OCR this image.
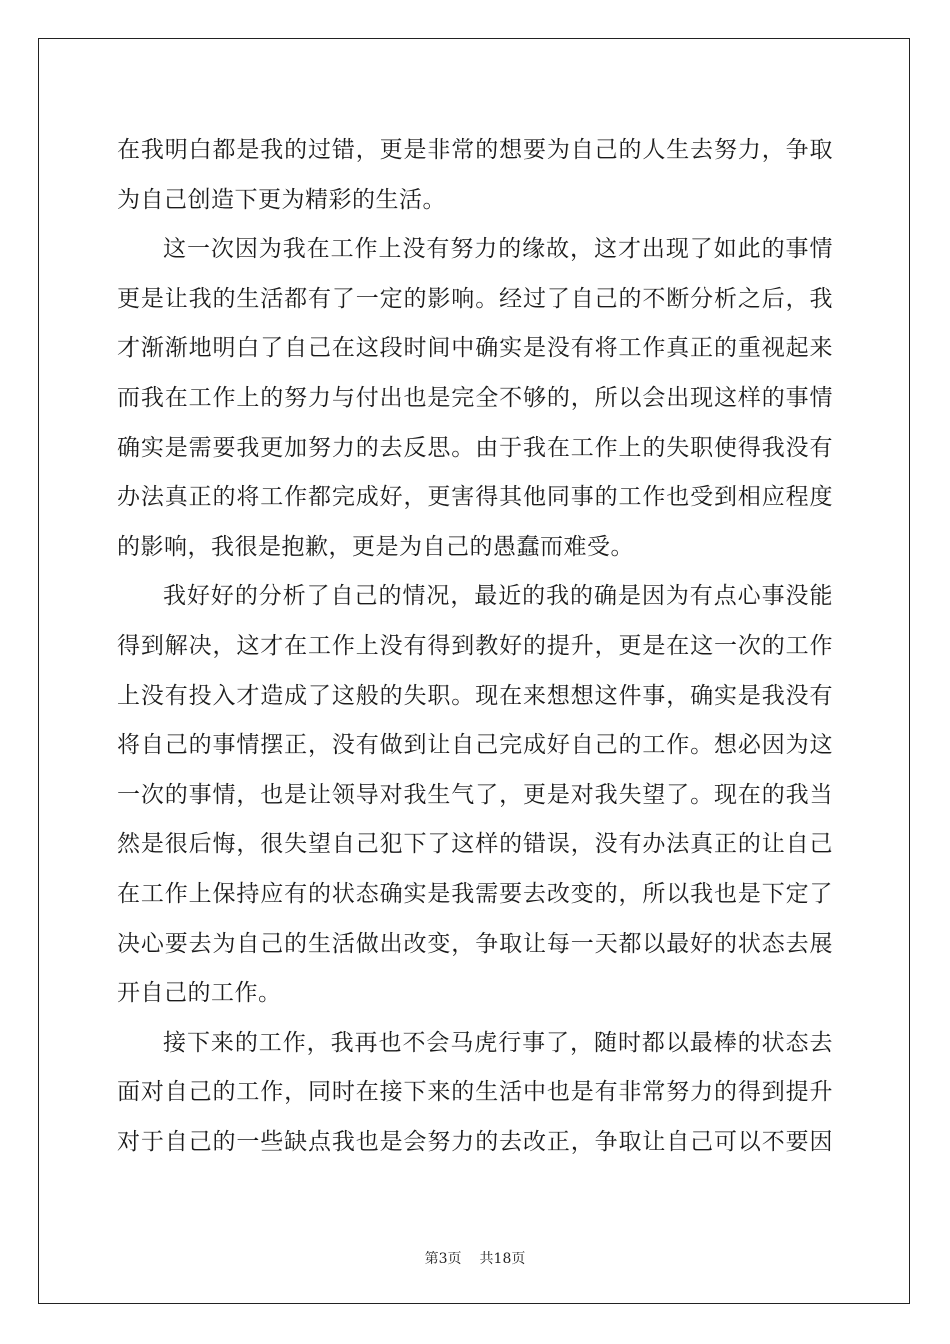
在我明白都是我的过错，更是非常的想要为自己的人生去努力，争取
为自己创造下更为精彩的生活。
这一次因为我在工作上没有努力的缘故，这才出现了如此的事情
更是让我的生活都有了一定的影响。经过了自己的不断分析之后，我
才渐渐地明白了自己在这段时间中确实是没有将工作真正的重视起来
而我在工作上的努力与付出也是完全不够的，所以会出现这样的事情
确实是需要我更加努力的去反思。由于我在工作上的失职使得我没有
办法真正的将工作都完成好，更害得其他同事的工作也受到相应程度
的影响，我很是抱歉，更是为自己的愚蠢而难受。
我好好的分析了自己的情况，最近的我的确是因为有点心事没能
得到解决，这才在工作上没有得到教好的提升，更是在这一次的工作
上没有投入才造成了这般的失职。现在来想想这件事，确实是我没有
将自己的事情摆正，没有做到让自己完成好自己的工作。想必因为这
一次的事情，也是让领导对我生气了，更是对我失望了。现在的我当
然是很后悔，很失望自己犯下了这样的错误，没有办法真正的让自己
在工作上保持应有的状态确实是我需要去改变的，所以我也是下定了
决心要去为自己的生活做出改变，争取让每一天都以最好的状态去展
开自己的工作。
接下来的工作，我再也不会马虎行事了，随时都以最棒的状态去
面对自己的工作，同时在接下来的生活中也是有非常努力的得到提升
对于自己的一些缺点我也是会努力的去改正，争取让自己可以不要因
第3页 共18页
